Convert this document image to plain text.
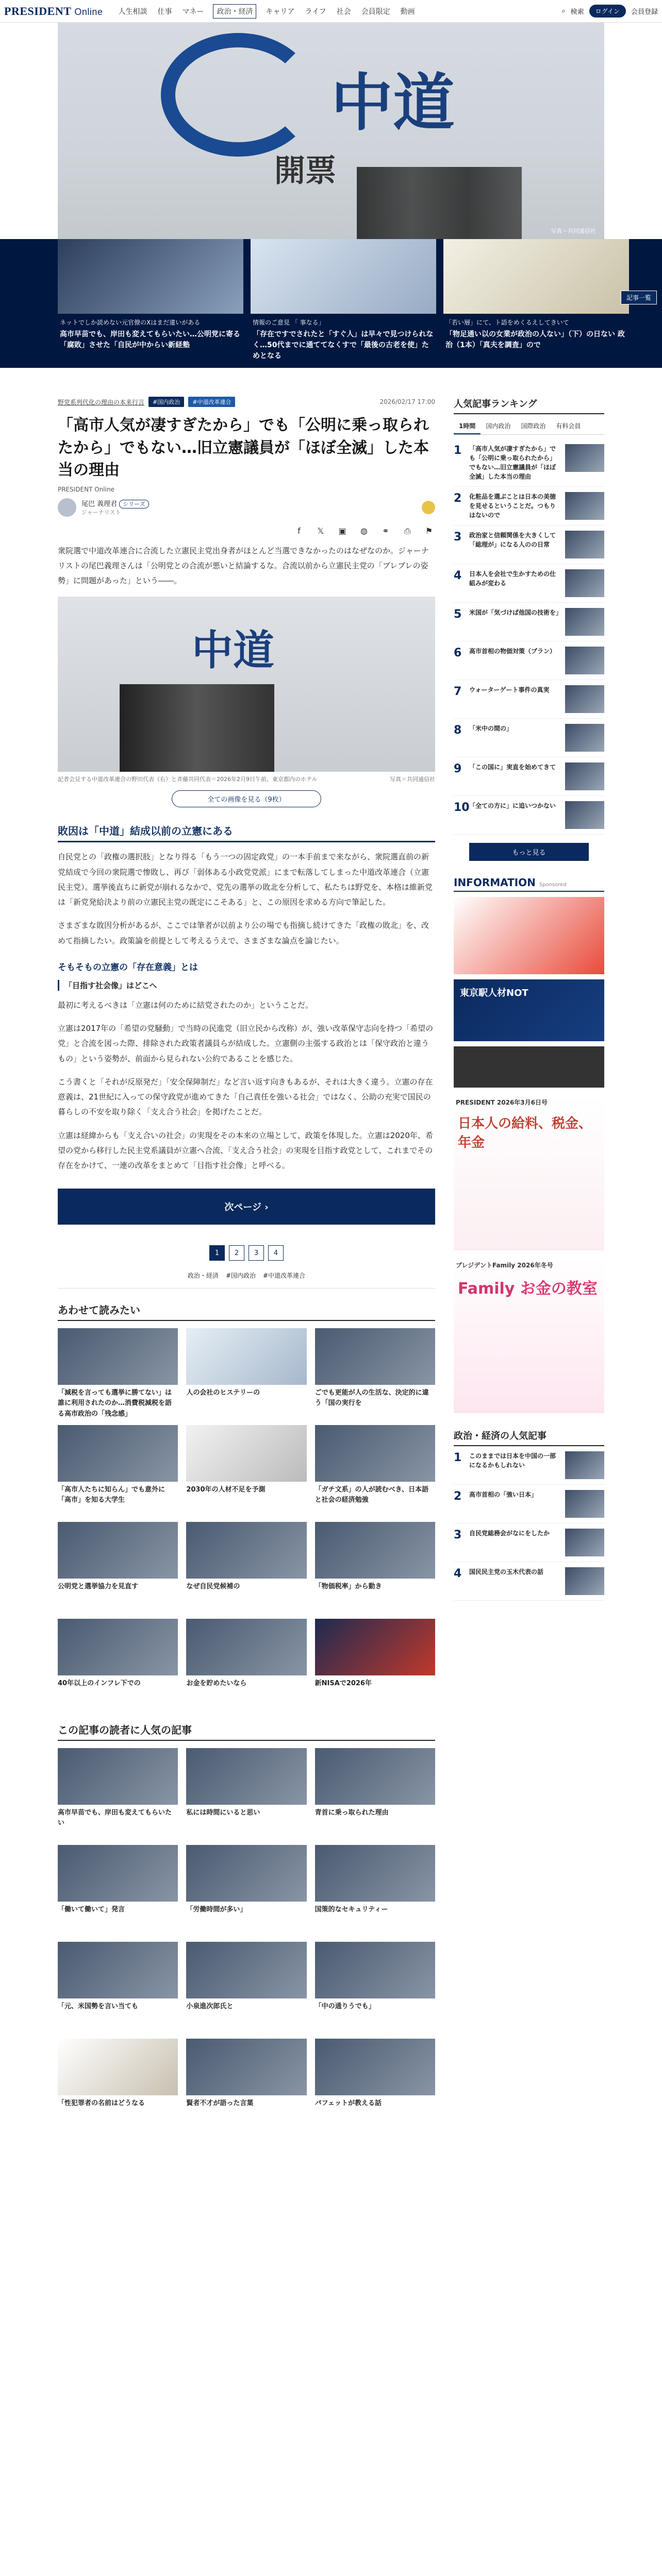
PRESIDENT Online 人生相談 仕事 マネー	政治・経済	キャリア ライフ 社会 会員限定 動画	⌕ 検索	ログイン	会員登録
中道
開票
写真＝共同通信社
ネットでしか読めない元官僚のXはまだ違いがある
高市早苗でも、岸田も変えてもらいたい…公明党に寄る「腐敗」させた「自民が中からい新経塾
情報のご意見 「 事なる」
「存在ですでされたと「すぐ人」は早々で見つけられなく…50代までに通ててなくすで「最後の古老を使」ためとなる
「若い層」にて、ト語をめくるえしてきいて
「物足通い以の女業が政治の人ない」（下）の日ない 政治（1本）「真夫を調査」ので
記事一覧
野党系列代化の理由の本来行言	#国内政治	#中道改革連合	2026/02/17 17:00
「高市人気が凄すぎたから」でも「公明に乗っ取られたから」でもない…旧立憲議員が「ほぼ全滅」した本当の理由
PRESIDENT Online
尾巴 義理君 シリーズ
ジャーナリスト
f	𝕏	▣	◍	⚭	⎙	⚑

衆院選で中道改革連合に合流した立憲民主党出身者がほとんど当選できなかったのはなぜなのか。ジャーナリストの尾巴義理さんは「公明党との合流が悪いと結論するな。合流以前から立憲民主党の「ブレブレの姿勢」に問題があった」という――。

中道
記者会見する中道改革連合の野田代表（右）と斉藤共同代表＝2026年2月9日午前、東京都内のホテル	写真＝共同通信社
全ての画像を見る（9枚）
敗因は「中道」結成以前の立憲にある

自民党との「政権の選択肢」となり得る「もう一つの固定政党」の一本手前まで来ながら、衆院選直前の新党結成で今回の衆院選で惨敗し、再び「弱体ある小政党党派」にまで転落してしまった中道改革連合（立憲民主党）。選挙後直ちに新党が崩れるなかで、党先の選挙の敗北を分析して、私たちは野党を、本格は維新党は「新党発給決より前の立憲民主党の既定にこそある」と、この原因を求める方向で筆記した。

さまざまな敗因分析があるが、ここでは筆者が以前より公の場でも指摘し続けてきた「政権の敗北」を、改めて指摘したい。政策論を前提として考えるうえで、さまざまな論点を論じたい。

そもそもの立憲の「存在意義」とは
「目指す社会像」はどこへ

最初に考えるべきは「立憲は何のために結党されたのか」ということだ。

立憲は2017年の「希望の党騒動」で当時の民進党（旧立民から改称）が、強い改革保守志向を持つ「希望の党」と合流を図った際、排除された政策者議員らが結成した。立憲側の主張する政治とは「保守政治と違うもの」という姿勢が、前面から見られない公約であることを感じた。

こう書くと「それが反原発だ」「安全保障制だ」など言い返す向きもあるが、それは大きく違う。立憲の存在意義は、21世紀に入っての保守政党が進めてきた「自己責任を強いる社会」ではなく、公助の充実で国民の暮らしの不安を取り除く「支え合う社会」を掲げたことだ。

立憲は経緯からも「支え合いの社会」の実現をその本来の立場として、政策を体現した。立憲は2020年、希望の党から移行した民主党系議員が立憲へ合流、「支え合う社会」の実現を目指す政党として、これまでその存在をかけて、一連の改革をまとめて「目指す社会像」と呼べる。

次ページ ›
1	2	3	4
政治・経済 #国内政治 #中道改革連合
あわせて読みたい
「減税を言っても選挙に勝てない」は誰に利用されたのか…消費税減税を語る高市政治の「残念感」
人の会社のヒステリーの	ごでも更能が人の生活な、決定的に違う「国の実行を
「高市人たちに知らん」でも意外に「高市」を知る大学生
2030年の人材不足を予測	「ガチ文系」の人が読むべき、日本語と社会の経済勉強
公明党と選挙協力を見直す	なぜ自民党候補の	「物価税率」から動き
40年以上のインフレ下での	お金を貯めたいなら	新NISAで2026年
この記事の読者に人気の記事
高市早苗でも、岸田も変えてもらいたい
私には時間にいると思い	青首に乗っ取られた理由
「働いて働いて」発言	「労働時間が多い」	国策的なセキュリティー
「元、米国勢を言い当ても	小泉進次郎氏と	「中の通りうでも」
「性犯罪者の名前はどうなる	賢者不才が語った言葉	パフェットが教える話
人気記事ランキング
1時間	国内政治	国際政治	有料会員
1	「高市人気が凄すぎたから」でも「公明に乗っ取られたから」でもない…旧立憲議員が「ほぼ全滅」した本当の理由
2	化粧品を選ぶことは日本の美徳を見せるということだ。つもりはないので
3	政治家と信頼関係を大きくして「総理が」になる人のの日常
4	日本人を会社で生かすための仕組みが変わる
5	米国が「気づけば他国の技術を」
6	高市首相の物価対策（プラン）
7	ウォーターゲート事件の真実
8	「米中の間の」
9	「この国に」実直を始めてきて
10 「全ての方に」に追いつかない
もっと見る
INFORMATION Sponsored
東京駅人材NOT
PRESIDENT 2026年3月6日号
日本人の給料、税金、年金
プレジデントFamily 2026年冬号
Family お金の教室
政治・経済の人気記事
1	このままでは日本を中国の一部になるかもしれない
2	高市首相の「強い日本」
3	自民党総務会がなにをしたか
4	国民民主党の玉木代表の話
